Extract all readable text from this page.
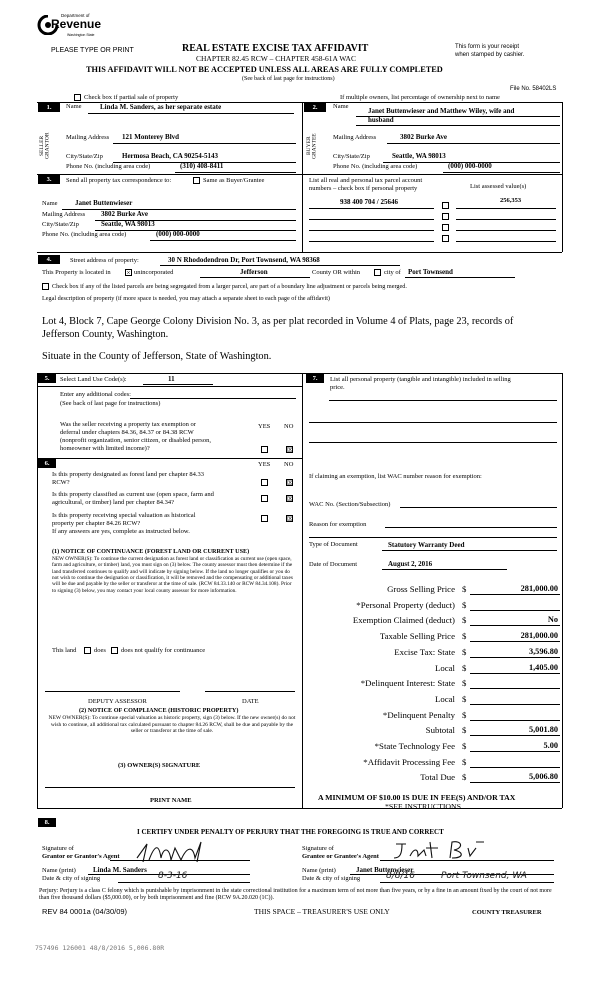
Department of
Revenue
Washington State
PLEASE TYPE OR PRINT	REAL ESTATE EXCISE TAX AFFIDAVIT
CHAPTER 82.45 RCW – CHAPTER 458-61A WAC
THIS AFFIDAVIT WILL NOT BE ACCEPTED UNLESS ALL AREAS ARE FULLY COMPLETED
(See back of last page for instructions)
This form is your receipt
when stamped by cashier.
File No. 58402LS
Check box if partial sale of property	If multiple owners, list percentage of ownership next to name
1.	Name	Linda M. Sanders, as her separate estate
SELLER GRANTOR	Mailing Address 121 Monterey Blvd
City/State/Zip	Hermosa Beach, CA 90254-5143
Phone No. (including area code)	(310) 408-8411
2.	Name
Janet Buttenwieser and Matthew Wiley, wife and
husband
BUYER GRANTEE	Mailing Address	3802 Burke Ave
City/State/Zip	Seattle, WA 98013
Phone No. (including area code)	(000) 000-0000
3.	Send all property tax correspondence to:	Same as Buyer/Grantee	List all real and personal tax parcel account
numbers – check box if personal property	List assessed value(s)
Name Janet Buttenwieser
Mailing Address 3802 Burke Ave
City/State/Zip	Seattle, WA 98013
Phone No. (including area code)	(000) 000-0000
938 400 704 / 25646	256,353
4.	Street address of property:	30 N Rhododendron Dr, Port Townsend, WA 98368
This Property is located in × unincorporated	Jefferson	County OR within	city of Port Townsend
Check box if any of the listed parcels are being segregated from a larger parcel, are part of a boundary line adjustment or parcels being merged.
Legal description of property (if more space is needed, you may attach a separate sheet to each page of the affidavit)
Lot 4, Block 7, Cape George Colony Division No. 3, as per plat recorded in Volume 4 of Plats, page 23, records of
Jefferson County, Washington.
Situate in the County of Jefferson, State of Washington.
5.	Select Land Use Code(s):	11
Enter any additional codes:
(See back of last page for instructions)
Was the seller receiving a property tax exemption or
deferral under chapters 84.36, 84.37 or 84.38 RCW
(nonprofit organization, senior citizen, or disabled person,
homeowner with limited income)?
YES NO
☒
6.	YES NO
Is this property designated as forest land per chapter 84.33
RCW?	☒
Is this property classified as current use (open space, farm and
agricultural, or timber) land per chapter 84.34?	☒
Is this property receiving special valuation as historical
property per chapter 84.26 RCW?
☒
If any answers are yes, complete as instructed below.
(1) NOTICE OF CONTINUANCE (FOREST LAND OR CURRENT USE)
NEW OWNER(S): To continue the current designation as forest land or classification as current use (open space, farm and agriculture, or timber) land, you must sign on (3) below. The county assessor must then determine if the land transferred continues to qualify and will indicate by signing below. If the land no longer qualifies or you do not wish to continue the designation or classification, it will be removed and the compensating or additional taxes will be due and payable by the seller or transferor at the time of sale. (RCW 84.33.140 or RCW 84.34.108). Prior to signing (3) below, you may contact your local county assessor for more information.
This land	does does not qualify for continuance
DEPUTY ASSESSOR	DATE
(2) NOTICE OF COMPLIANCE (HISTORIC PROPERTY)
NEW OWNER(S): To continue special valuation as historic property, sign (3) below. If the new owner(s) do not wish to continue, all additional tax calculated pursuant to chapter 84.26 RCW, shall be due and payable by the seller or transferor at the time of sale.
(3) OWNER(S) SIGNATURE
PRINT NAME
7.	List all personal property (tangible and intangible) included in selling
price.
If claiming an exemption, list WAC number reason for exemption:
WAC No. (Section/Subsection)
Reason for exemption
Type of Document	Statutory Warranty Deed
Date of Document	August 2, 2016
Gross Selling Price $	281,000.00
*Personal Property (deduct) $
Exemption Claimed (deduct) $	No
Taxable Selling Price $	281,000.00
Excise Tax: State $	3,596.80
Local $	1,405.00
*Delinquent Interest: State $
Local $
*Delinquent Penalty $
Subtotal $	5,001.80
*State Technology Fee $	5.00
*Affidavit Processing Fee $
Total Due $	5,006.80
A MINIMUM OF $10.00 IS DUE IN FEE(S) AND/OR TAX
*SEE INSTRUCTIONS
8.
I CERTIFY UNDER PENALTY OF PERJURY THAT THE FOREGOING IS TRUE AND CORRECT
Signature of
Grantor or Grantor's Agent
Name (print) Linda M. Sanders
Date & city of signing	8-3-16
Signature of
Grantee or Grantee's Agent
Name (print)	Janet Buttenwieser
Date & city of signing	8/8/16	Port Townsend, WA
Perjury: Perjury is a class C felony which is punishable by imprisonment in the state correctional institution for a maximum term of not more than five years, or by a fine in an amount fixed by the court of not more than five thousand dollars ($5,000.00), or by both imprisonment and fine (RCW 9A.20.020 (1C)).
REV 84 0001a (04/30/09)	THIS SPACE – TREASURER'S USE ONLY	COUNTY TREASURER
757496 126001 48/8/2016 5,006.80R
